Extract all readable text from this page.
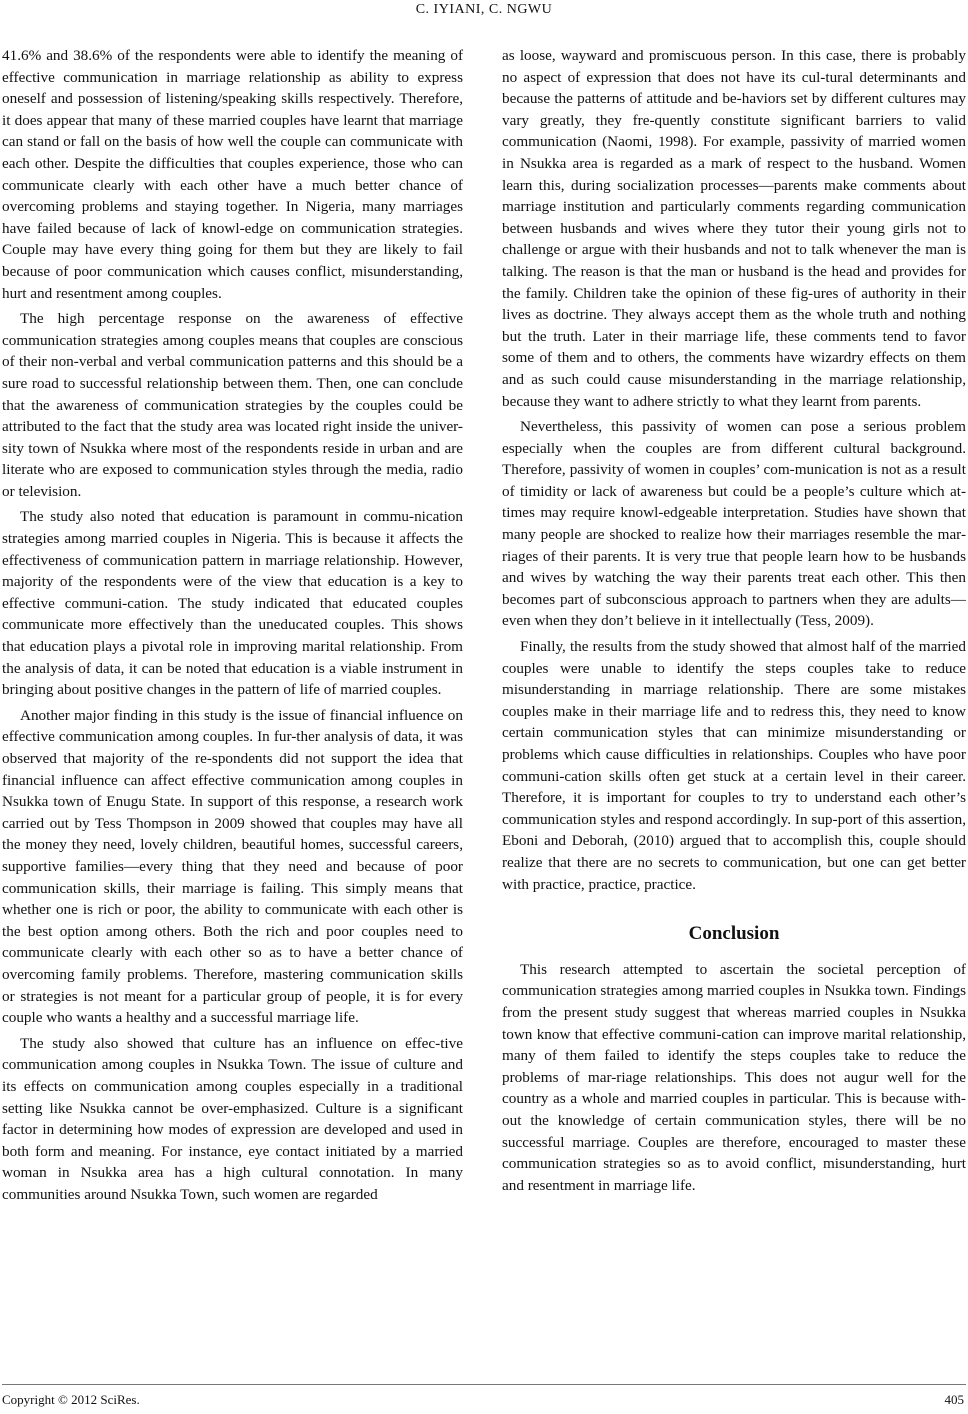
C. IYIANI, C. NGWU

41.6% and 38.6% of the respondents were able to identify the meaning of effective communication in marriage relationship as ability to express oneself and possession of listening/speaking skills respectively. Therefore, it does appear that many of these married couples have learnt that marriage can stand or fall on the basis of how well the couple can communicate with each other. Despite the difficulties that couples experience, those who can communicate clearly with each other have a much better chance of overcoming problems and staying together. In Nigeria, many marriages have failed because of lack of knowl-edge on communication strategies. Couple may have every thing going for them but they are likely to fail because of poor communication which causes conflict, misunderstanding, hurt and resentment among couples.

The high percentage response on the awareness of effective communication strategies among couples means that couples are conscious of their non-verbal and verbal communication patterns and this should be a sure road to successful relationship between them. Then, one can conclude that the awareness of communication strategies by the couples could be attributed to the fact that the study area was located right inside the univer-sity town of Nsukka where most of the respondents reside in urban and are literate who are exposed to communication styles through the media, radio or television.

The study also noted that education is paramount in commu-nication strategies among married couples in Nigeria. This is because it affects the effectiveness of communication pattern in marriage relationship. However, majority of the respondents were of the view that education is a key to effective communi-cation. The study indicated that educated couples communicate more effectively than the uneducated couples. This shows that education plays a pivotal role in improving marital relationship. From the analysis of data, it can be noted that education is a viable instrument in bringing about positive changes in the pattern of life of married couples.

Another major finding in this study is the issue of financial influence on effective communication among couples. In fur-ther analysis of data, it was observed that majority of the re-spondents did not support the idea that financial influence can affect effective communication among couples in Nsukka town of Enugu State. In support of this response, a research work carried out by Tess Thompson in 2009 showed that couples may have all the money they need, lovely children, beautiful homes, successful careers, supportive families—every thing that they need and because of poor communication skills, their marriage is failing. This simply means that whether one is rich or poor, the ability to communicate with each other is the best option among others. Both the rich and poor couples need to communicate clearly with each other so as to have a better chance of overcoming family problems. Therefore, mastering communication skills or strategies is not meant for a particular group of people, it is for every couple who wants a healthy and a successful marriage life.

The study also showed that culture has an influence on effec-tive communication among couples in Nsukka Town. The issue of culture and its effects on communication among couples especially in a traditional setting like Nsukka cannot be over-emphasized. Culture is a significant factor in determining how modes of expression are developed and used in both form and meaning. For instance, eye contact initiated by a married woman in Nsukka area has a high cultural connotation. In many communities around Nsukka Town, such women are regarded

as loose, wayward and promiscuous person. In this case, there is probably no aspect of expression that does not have its cul-tural determinants and because the patterns of attitude and be-haviors set by different cultures may vary greatly, they fre-quently constitute significant barriers to valid communication (Naomi, 1998). For example, passivity of married women in Nsukka area is regarded as a mark of respect to the husband. Women learn this, during socialization processes—parents make comments about marriage institution and particularly comments regarding communication between husbands and wives where they tutor their young girls not to challenge or argue with their husbands and not to talk whenever the man is talking. The reason is that the man or husband is the head and provides for the family. Children take the opinion of these fig-ures of authority in their lives as doctrine. They always accept them as the whole truth and nothing but the truth. Later in their marriage life, these comments tend to favor some of them and to others, the comments have wizardry effects on them and as such could cause misunderstanding in the marriage relationship, because they want to adhere strictly to what they learnt from parents.

Nevertheless, this passivity of women can pose a serious problem especially when the couples are from different cultural background. Therefore, passivity of women in couples’ com-munication is not as a result of timidity or lack of awareness but could be a people’s culture which at-times may require knowl-edgeable interpretation. Studies have shown that many people are shocked to realize how their marriages resemble the mar-riages of their parents. It is very true that people learn how to be husbands and wives by watching the way their parents treat each other. This then becomes part of subconscious approach to partners when they are adults—even when they don’t believe in it intellectually (Tess, 2009).

Finally, the results from the study showed that almost half of the married couples were unable to identify the steps couples take to reduce misunderstanding in marriage relationship. There are some mistakes couples make in their marriage life and to redress this, they need to know certain communication styles that can minimize misunderstanding or problems which cause difficulties in relationships. Couples who have poor communi-cation skills often get stuck at a certain level in their career. Therefore, it is important for couples to try to understand each other’s communication styles and respond accordingly. In sup-port of this assertion, Eboni and Deborah, (2010) argued that to accomplish this, couple should realize that there are no secrets to communication, but one can get better with practice, practice, practice.

Conclusion

This research attempted to ascertain the societal perception of communication strategies among married couples in Nsukka town. Findings from the present study suggest that whereas married couples in Nsukka town know that effective communi-cation can improve marital relationship, many of them failed to identify the steps couples take to reduce the problems of mar-riage relationships. This does not augur well for the country as a whole and married couples in particular. This is because with-out the knowledge of certain communication styles, there will be no successful marriage. Couples are therefore, encouraged to master these communication strategies so as to avoid conflict, misunderstanding, hurt and resentment in marriage life.

Copyright © 2012 SciRes.	405
